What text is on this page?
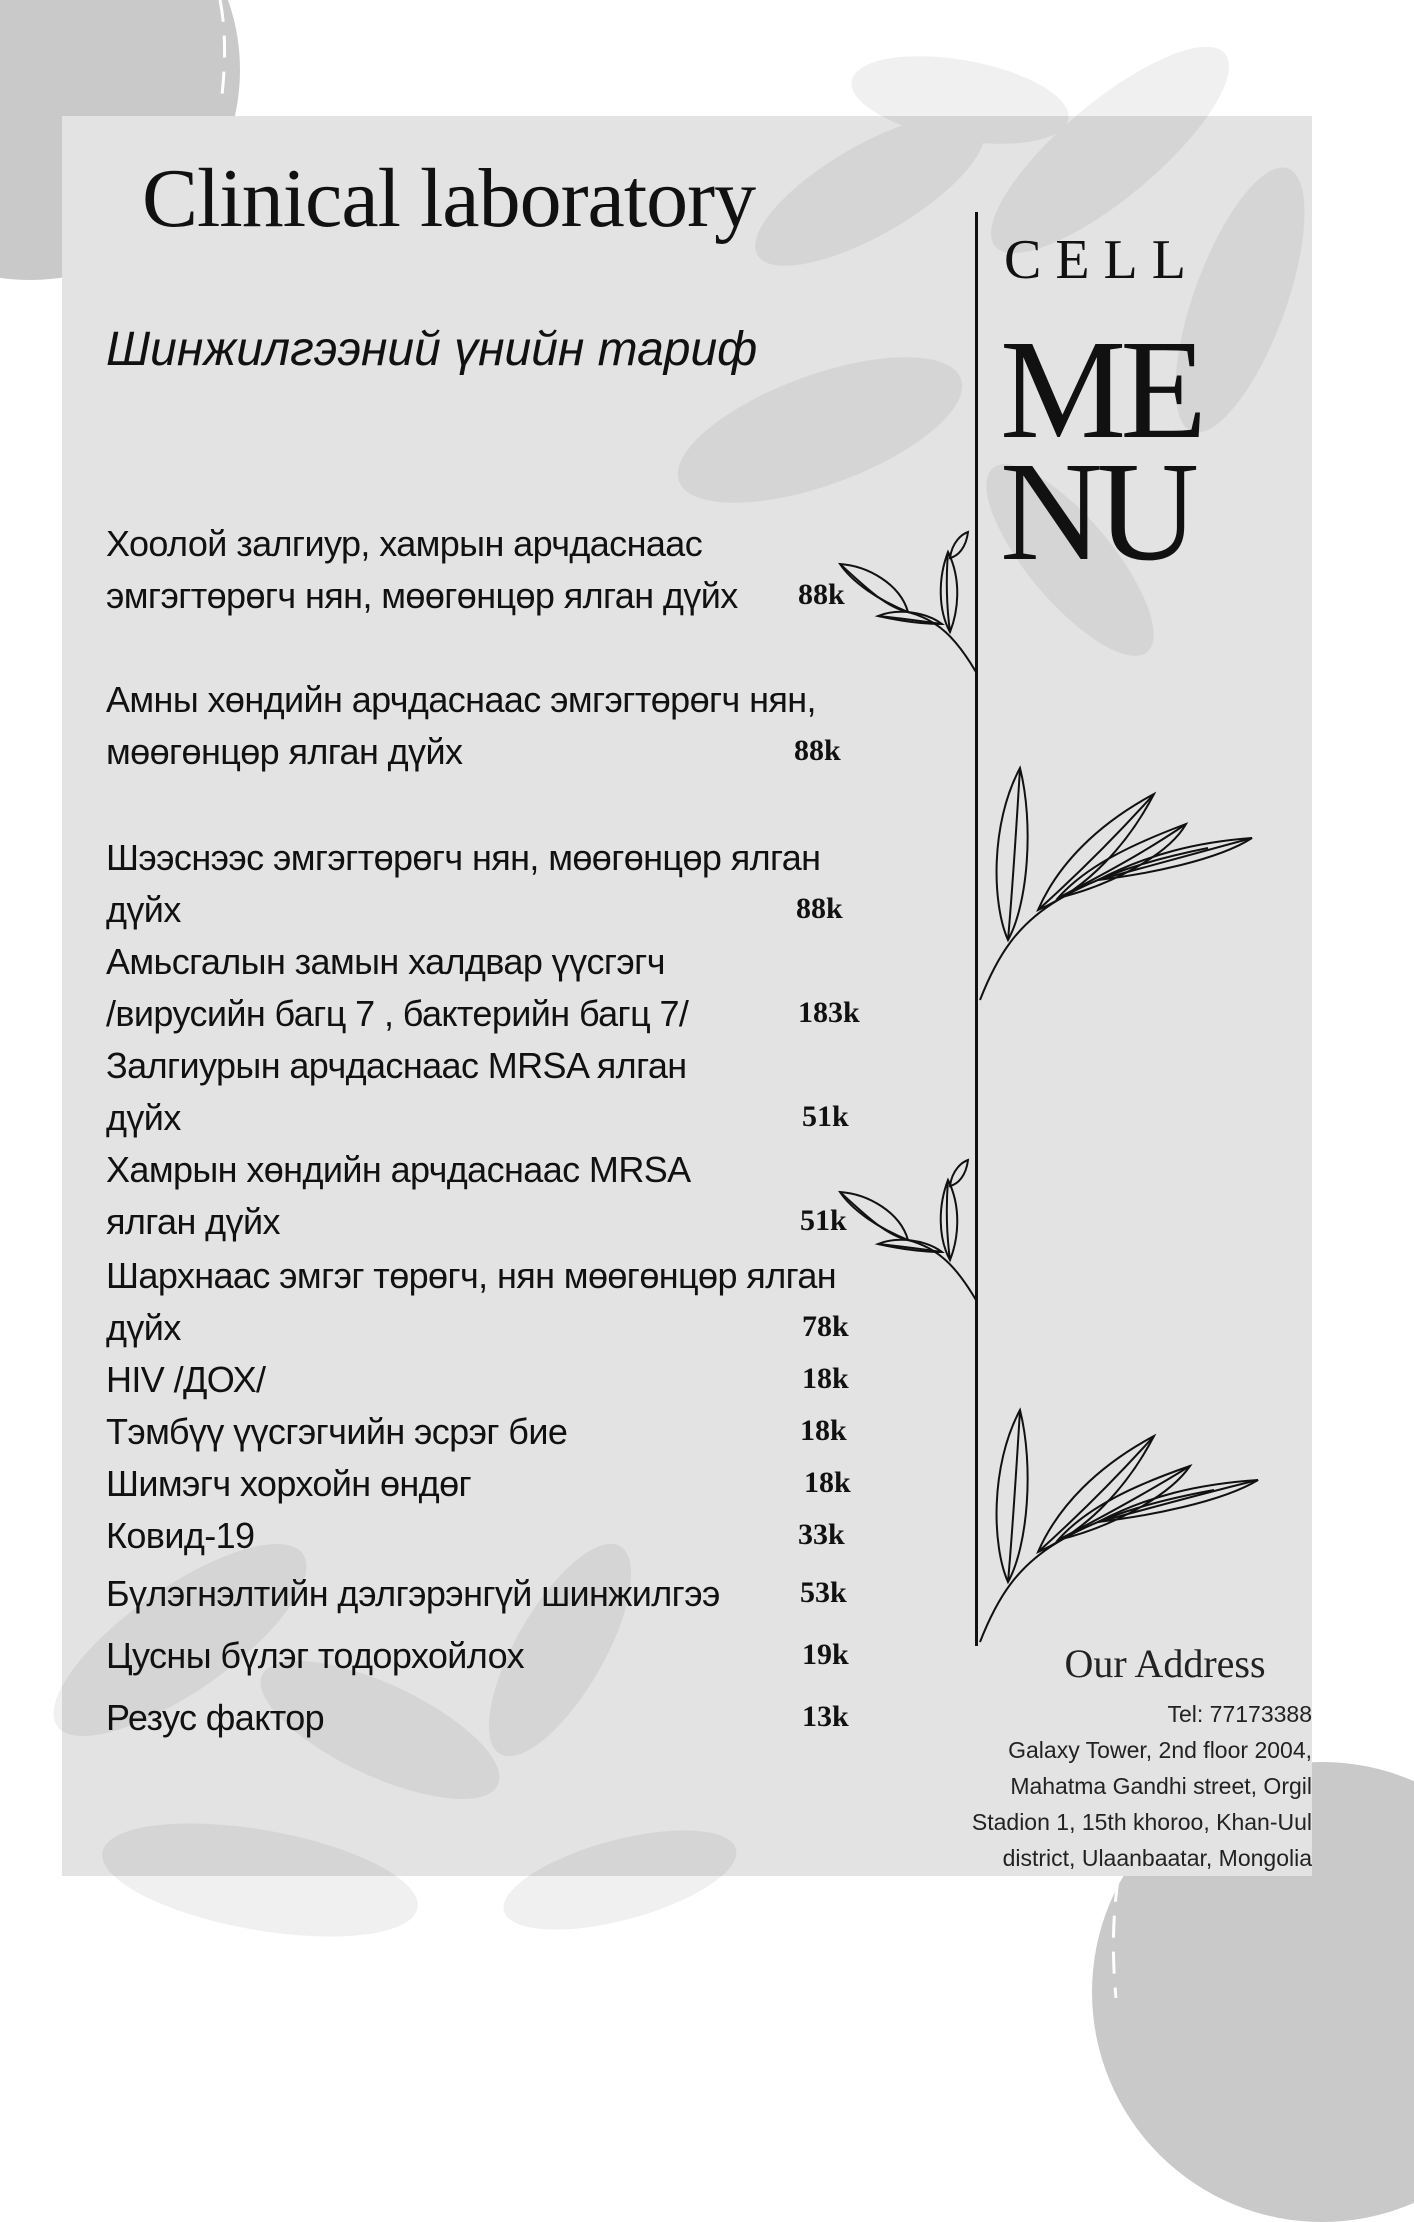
Clinical laboratory
Шинжилгээний үнийн тариф
CELL
ME
NU
Хоолой залгиур, хамрын арчдаснаас
эмгэгтөрөгч нян, мөөгөнцөр ялган дүйх 88k
Амны хөндийн арчдаснаас эмгэгтөрөгч нян,
мөөгөнцөр ялган дүйх	88k
Шээснээс эмгэгтөрөгч нян, мөөгөнцөр ялган
дүйх	88k
Амьсгалын замын халдвар үүсгэгч
/вирусийн багц 7 , бактерийн багц 7/	183k
Залгиурын арчдаснаас MRSA ялган
дүйх	51k
Хамрын хөндийн арчдаснаас MRSA
ялган дүйх	51k
Шархнаас эмгэг төрөгч, нян мөөгөнцөр ялган
дүйх	78k
HIV /ДОХ/	18k
Тэмбүү үүсгэгчийн эсрэг бие	18k
Шимэгч хорхойн өндөг	18k
Ковид-19	33k
Бүлэгнэлтийн дэлгэрэнгүй шинжилгээ	53k
Цусны бүлэг тодорхойлох	19k
Резус фактор	13k
Our Address
Tel: 77173388
Galaxy Tower, 2nd floor 2004,
Mahatma Gandhi street, Orgil
Stadion 1, 15th khoroo, Khan-Uul
district, Ulaanbaatar, Mongolia
